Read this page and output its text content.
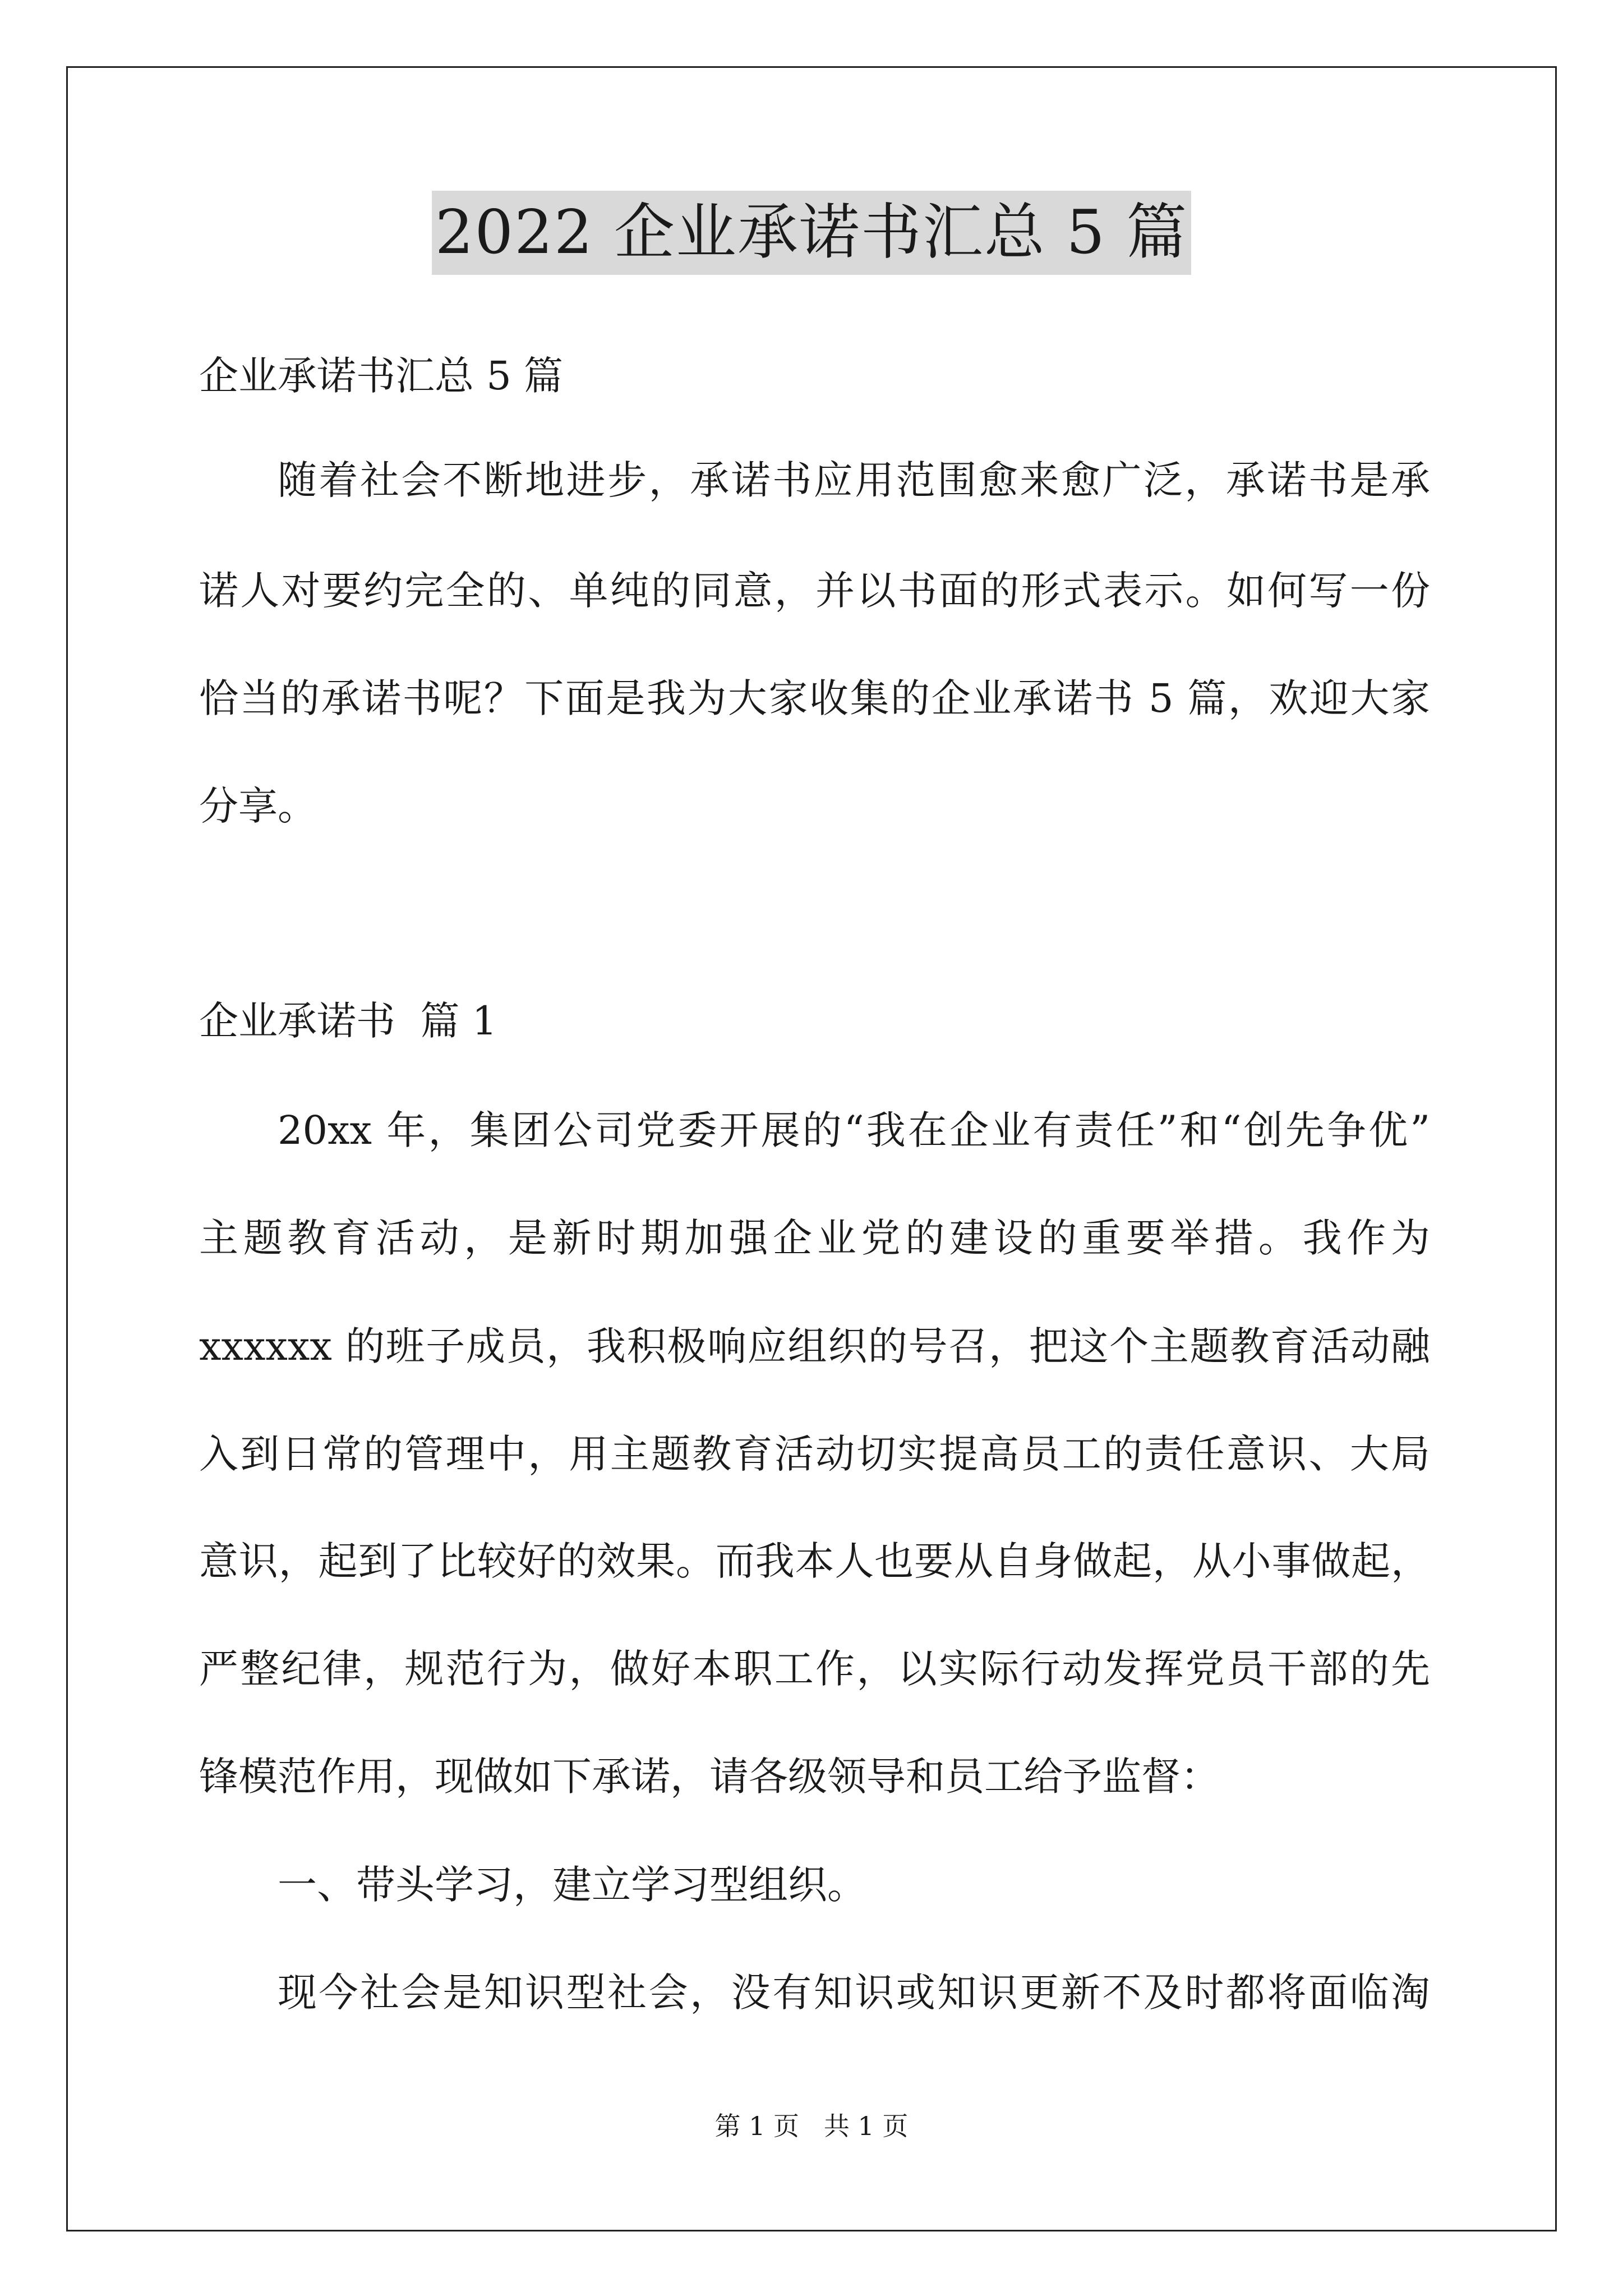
2022 企业承诺书汇总 5 篇
企业承诺书汇总 5 篇
随着社会不断地进步，承诺书应用范围愈来愈广泛，承诺书是承
诺人对要约完全的、单纯的同意，并以书面的形式表示。如何写一份
恰当的承诺书呢？下面是我为大家收集的企业承诺书 5 篇，欢迎大家
分享。
企业承诺书  篇 1
20xx 年，集团公司党委开展的“我在企业有责任”和“创先争优”
主题教育活动，是新时期加强企业党的建设的重要举措。我作为
xxxxxx 的班子成员，我积极响应组织的号召，把这个主题教育活动融
入到日常的管理中，用主题教育活动切实提高员工的责任意识、大局
意识，起到了比较好的效果。而我本人也要从自身做起，从小事做起，
严整纪律，规范行为，做好本职工作，以实际行动发挥党员干部的先
锋模范作用，现做如下承诺，请各级领导和员工给予监督：
一、带头学习，建立学习型组织。
现今社会是知识型社会，没有知识或知识更新不及时都将面临淘
第 1 页   共 1 页
